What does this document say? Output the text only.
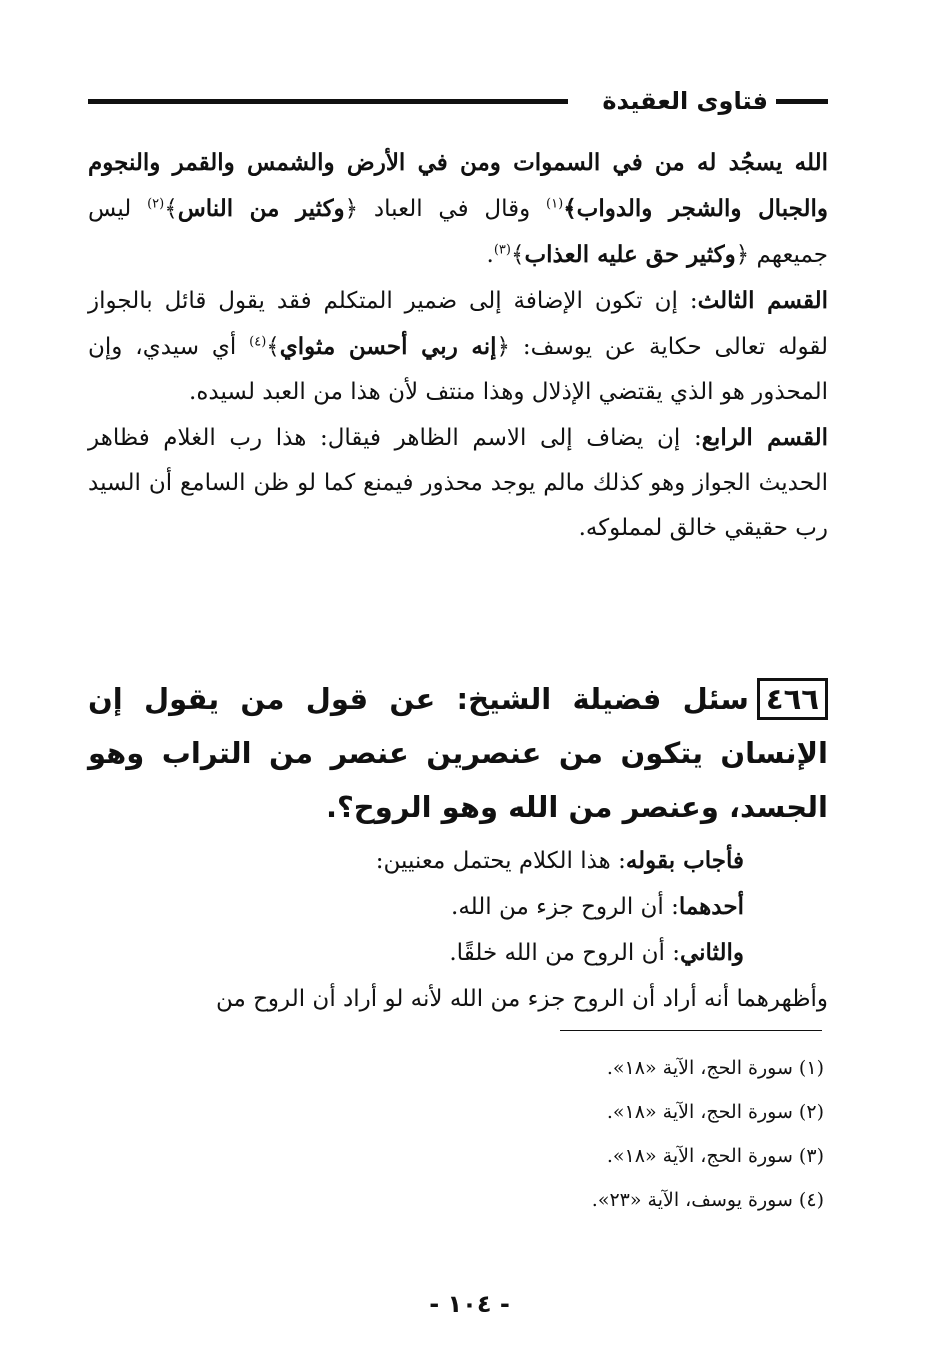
فتاوى العقيدة

الله يسجُد له من في السموات ومن في الأرض والشمس والقمر والنجوم والجبال والشجر والدواب﴾$^{(١)}$ وقال في العباد ﴿وكثير من الناس﴾$^{(٢)}$ ليس جميعهم ﴿وكثير حق عليه العذاب﴾$^{(٣)}$.

القسم الثالث: إن تكون الإضافة إلى ضمير المتكلم فقد يقول قائل بالجواز لقوله تعالى حكاية عن يوسف: ﴿إنه ربي أحسن مثواي﴾$^{(٤)}$ أي سيدي، وإن المحذور هو الذي يقتضي الإذلال وهذا منتف لأن هذا من العبد لسيده.

القسم الرابع: إن يضاف إلى الاسم الظاهر فيقال: هذا رب الغلام فظاهر الحديث الجواز وهو كذلك مالم يوجد محذور فيمنع كما لو ظن السامع أن السيد رب حقيقي خالق لمملوكه.

٤٦٦سئل فضيلة الشيخ: عن قول من يقول إن الإنسان يتكون من عنصرين عنصر من التراب وهو الجسد، وعنصر من الله وهو الروح؟.

فأجاب بقوله: هذا الكلام يحتمل معنيين:

أحدهما: أن الروح جزء من الله.

والثاني: أن الروح من الله خلقًا.

وأظهرهما أنه أراد أن الروح جزء من الله لأنه لو أراد أن الروح من

(١) سورة الحج، الآية «١٨».

(٢) سورة الحج، الآية «١٨».

(٣) سورة الحج، الآية «١٨».

(٤) سورة يوسف، الآية «٢٣».

- ١٠٤ -
